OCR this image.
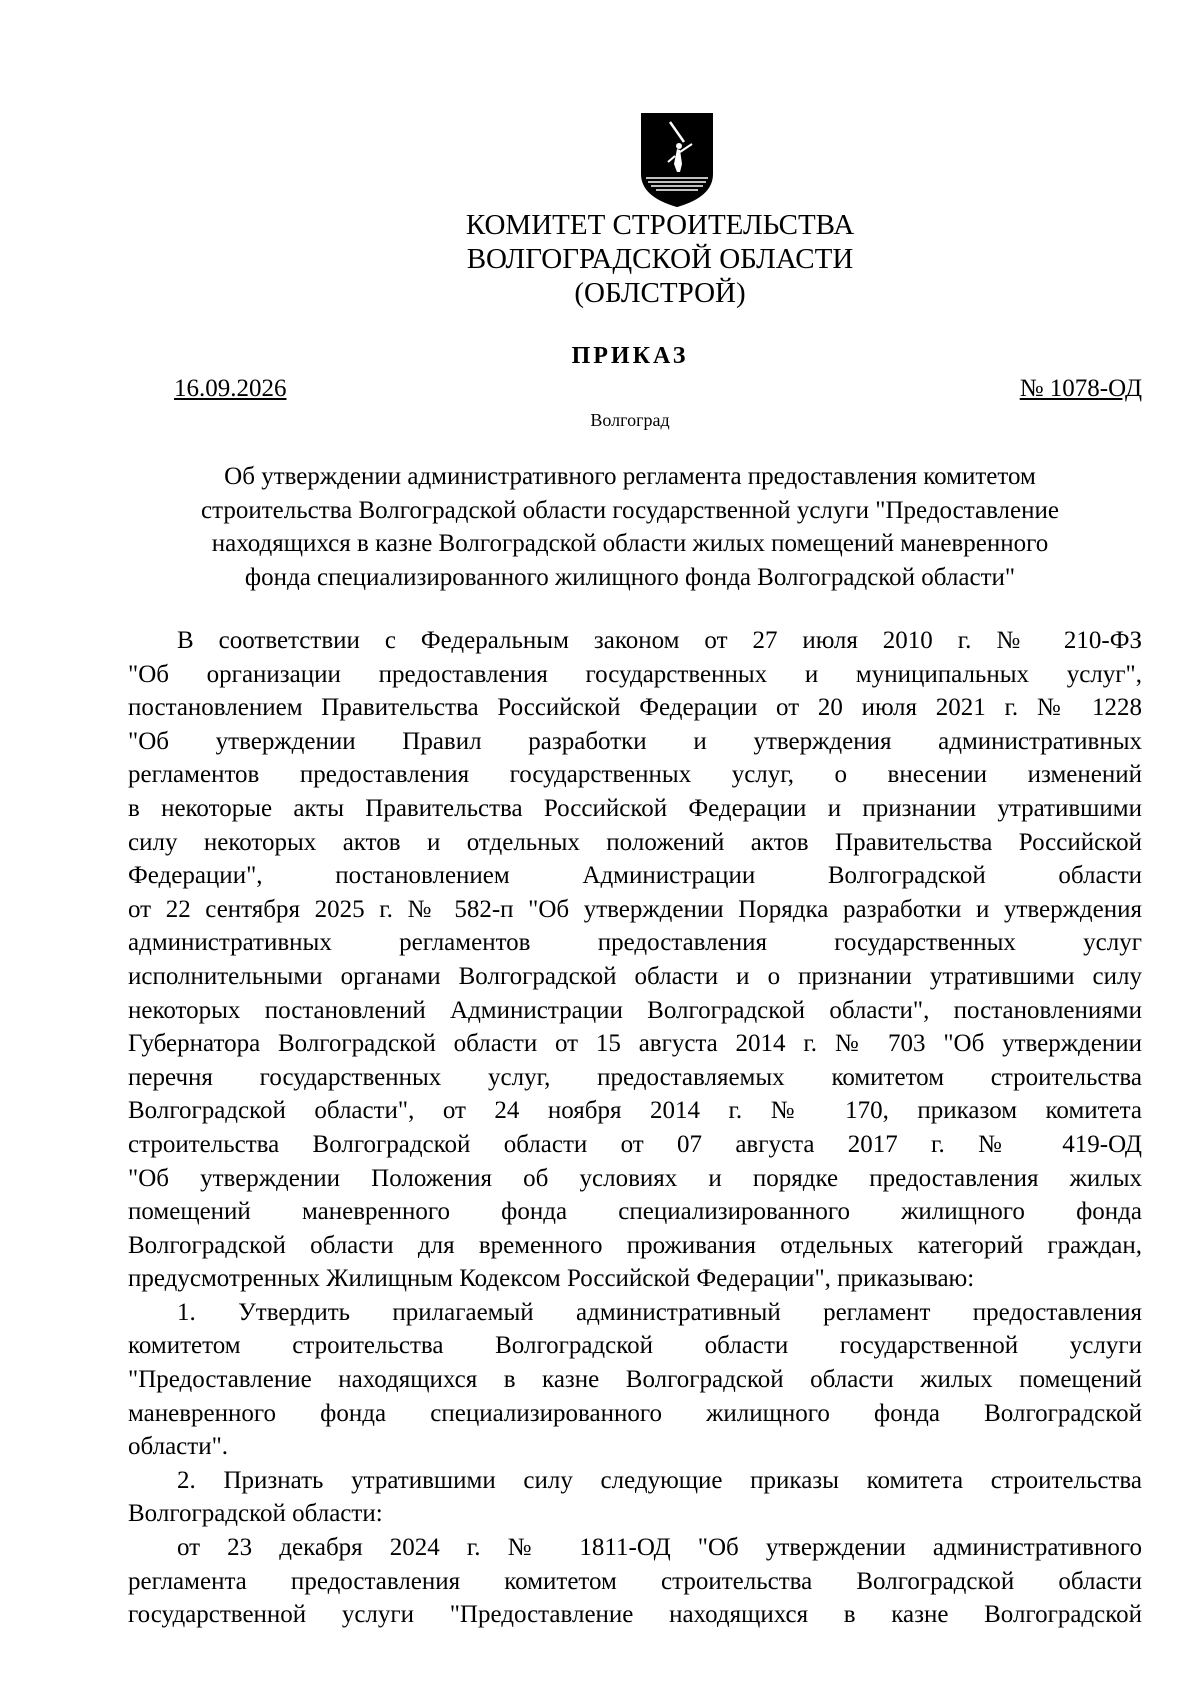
КОМИТЕТ СТРОИТЕЛЬСТВА
ВОЛГОГРАДСКОЙ ОБЛАСТИ
(ОБЛСТРОЙ)
ПРИКАЗ
16.09.2026	№ 1078-ОД
Волгоград
Об утверждении административного регламента предоставления комитетом
строительства Волгоградской области государственной услуги "Предоставление
находящихся в казне Волгоградской области жилых помещений маневренного
фонда специализированного жилищного фонда Волгоградской области"
В соответствии с Федеральным законом от 27 июля 2010 г. № 210-ФЗ
"Об организации предоставления государственных и муниципальных услуг",
постановлением Правительства Российской Федерации от 20 июля 2021 г. № 1228
"Об утверждении Правил разработки и утверждения административных
регламентов предоставления государственных услуг, о внесении изменений
в некоторые акты Правительства Российской Федерации и признании утратившими
силу некоторых актов и отдельных положений актов Правительства Российской
Федерации", постановлением Администрации Волгоградской области
от 22 сентября 2025 г. № 582-п "Об утверждении Порядка разработки и утверждения
административных регламентов предоставления государственных услуг
исполнительными органами Волгоградской области и о признании утратившими силу
некоторых постановлений Администрации Волгоградской области", постановлениями
Губернатора Волгоградской области от 15 августа 2014 г. № 703 "Об утверждении
перечня государственных услуг, предоставляемых комитетом строительства
Волгоградской области", от 24 ноября 2014 г. № 170, приказом комитета
строительства Волгоградской области от 07 августа 2017 г. № 419-ОД
"Об утверждении Положения об условиях и порядке предоставления жилых
помещений маневренного фонда специализированного жилищного фонда
Волгоградской области для временного проживания отдельных категорий граждан,
предусмотренных Жилищным Кодексом Российской Федерации", приказываю:
1. Утвердить прилагаемый административный регламент предоставления
комитетом строительства Волгоградской области государственной услуги
"Предоставление находящихся в казне Волгоградской области жилых помещений
маневренного фонда специализированного жилищного фонда Волгоградской
области".
2. Признать утратившими силу следующие приказы комитета строительства
Волгоградской области:
от 23 декабря 2024 г. № 1811-ОД "Об утверждении административного
регламента предоставления комитетом строительства Волгоградской области
государственной услуги "Предоставление находящихся в казне Волгоградской
